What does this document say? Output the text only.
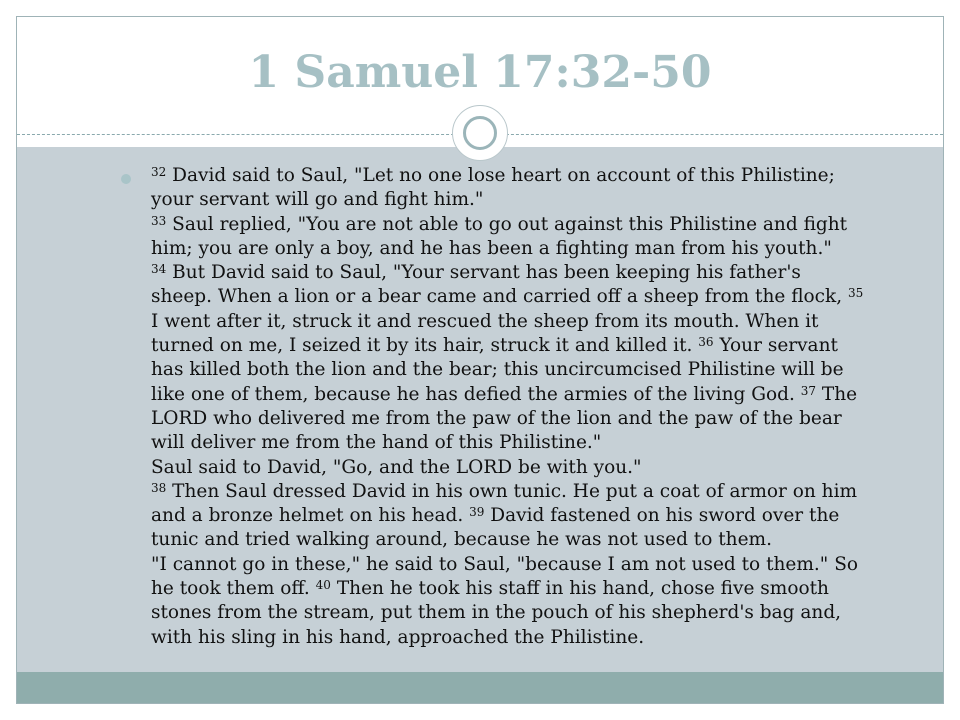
1 Samuel 17:32-50
$^{32}$ David said to Saul, "Let no one lose heart on account of this Philistine;
your servant will go and fight him."
$^{33}$ Saul replied, "You are not able to go out against this Philistine and fight
him; you are only a boy, and he has been a fighting man from his youth."
$^{34}$ But David said to Saul, "Your servant has been keeping his father's
sheep. When a lion or a bear came and carried off a sheep from the flock, $^{35}$
I went after it, struck it and rescued the sheep from its mouth. When it
turned on me, I seized it by its hair, struck it and killed it. $^{36}$ Your servant
has killed both the lion and the bear; this uncircumcised Philistine will be
like one of them, because he has defied the armies of the living God. $^{37}$ The
LORD who delivered me from the paw of the lion and the paw of the bear
will deliver me from the hand of this Philistine."
Saul said to David, "Go, and the LORD be with you."
$^{38}$ Then Saul dressed David in his own tunic. He put a coat of armor on him
and a bronze helmet on his head. $^{39}$ David fastened on his sword over the
tunic and tried walking around, because he was not used to them.
"I cannot go in these," he said to Saul, "because I am not used to them." So
he took them off. $^{40}$ Then he took his staff in his hand, chose five smooth
stones from the stream, put them in the pouch of his shepherd's bag and,
with his sling in his hand, approached the Philistine.
